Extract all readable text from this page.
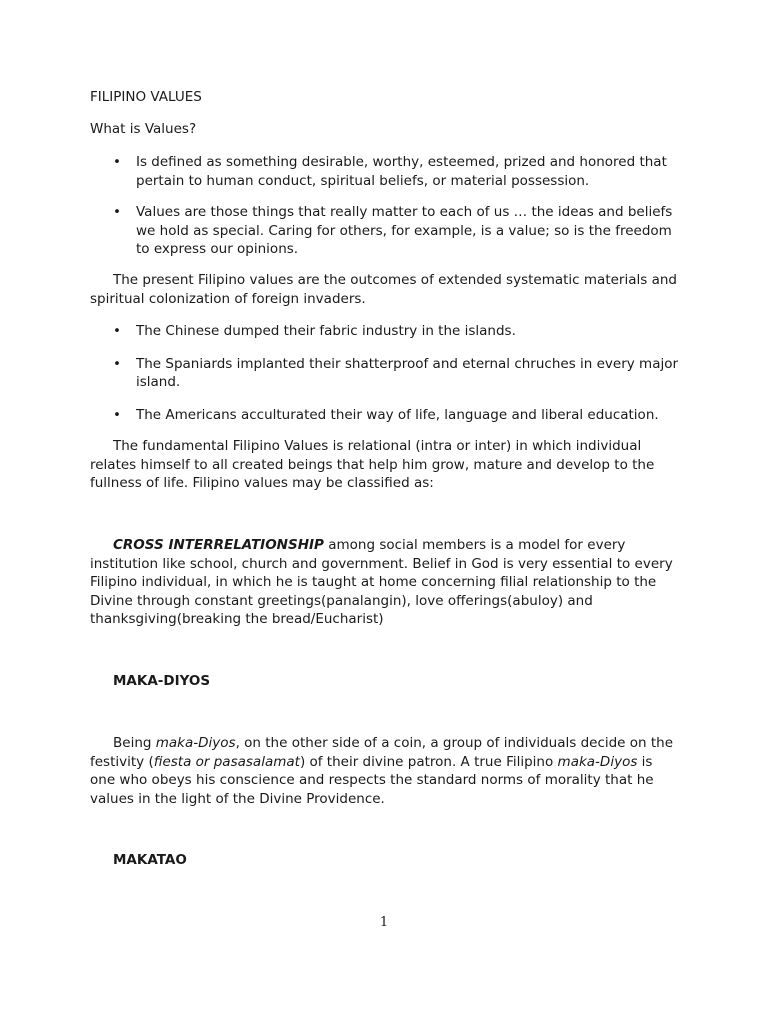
FILIPINO VALUES
What is Values?
• Is defined as something desirable, worthy, esteemed, prized and honored that pertain to human conduct, spiritual beliefs, or material possession.
• Values are those things that really matter to each of us … the ideas and beliefs we hold as special. Caring for others, for example, is a value; so is the freedom to express our opinions.
The present Filipino values are the outcomes of extended systematic materials and spiritual colonization of foreign invaders.
• The Chinese dumped their fabric industry in the islands.
• The Spaniards implanted their shatterproof and eternal chruches in every major island.
• The Americans acculturated their way of life, language and liberal education.
The fundamental Filipino Values is relational (intra or inter) in which individual relates himself to all created beings that help him grow, mature and develop to the fullness of life. Filipino values may be classified as:
CROSS INTERRELATIONSHIP among social members is a model for every institution like school, church and government. Belief in God is very essential to every Filipino individual, in which he is taught at home concerning filial relationship to the Divine through constant greetings(panalangin), love offerings(abuloy) and thanksgiving(breaking the bread/Eucharist)
MAKA-DIYOS
Being maka-Diyos, on the other side of a coin, a group of individuals decide on the festivity (fiesta or pasasalamat) of their divine patron. A true Filipino maka-Diyos is one who obeys his conscience and respects the standard norms of morality that he values in the light of the Divine Providence.
MAKATAO
1
